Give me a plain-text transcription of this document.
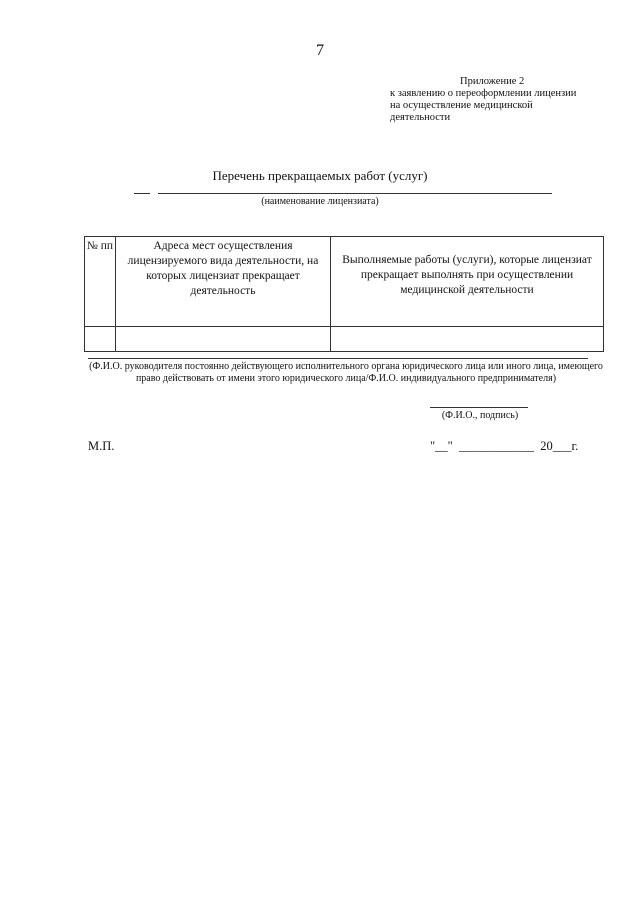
7
Приложение 2
к заявлению о переоформлении лицензии
на осуществление медицинской
деятельности
Перечень прекращаемых работ (услуг)
(наименование лицензиата)
№ пп	Адреса мест осуществления лицензируемого вида деятельности, на которых лицензиат прекращает деятельность	Выполняемые работы (услуги), которые лицензиат прекращает выполнять при осуществлении медицинской деятельности

(Ф.И.О. руководителя постоянно действующего исполнительного органа юридического лица или иного лица, имеющего право действовать от имени этого юридического лица/Ф.И.О. индивидуального предпринимателя)
(Ф.И.О., подпись)
М.П.	"__"  ____________  20___г.
